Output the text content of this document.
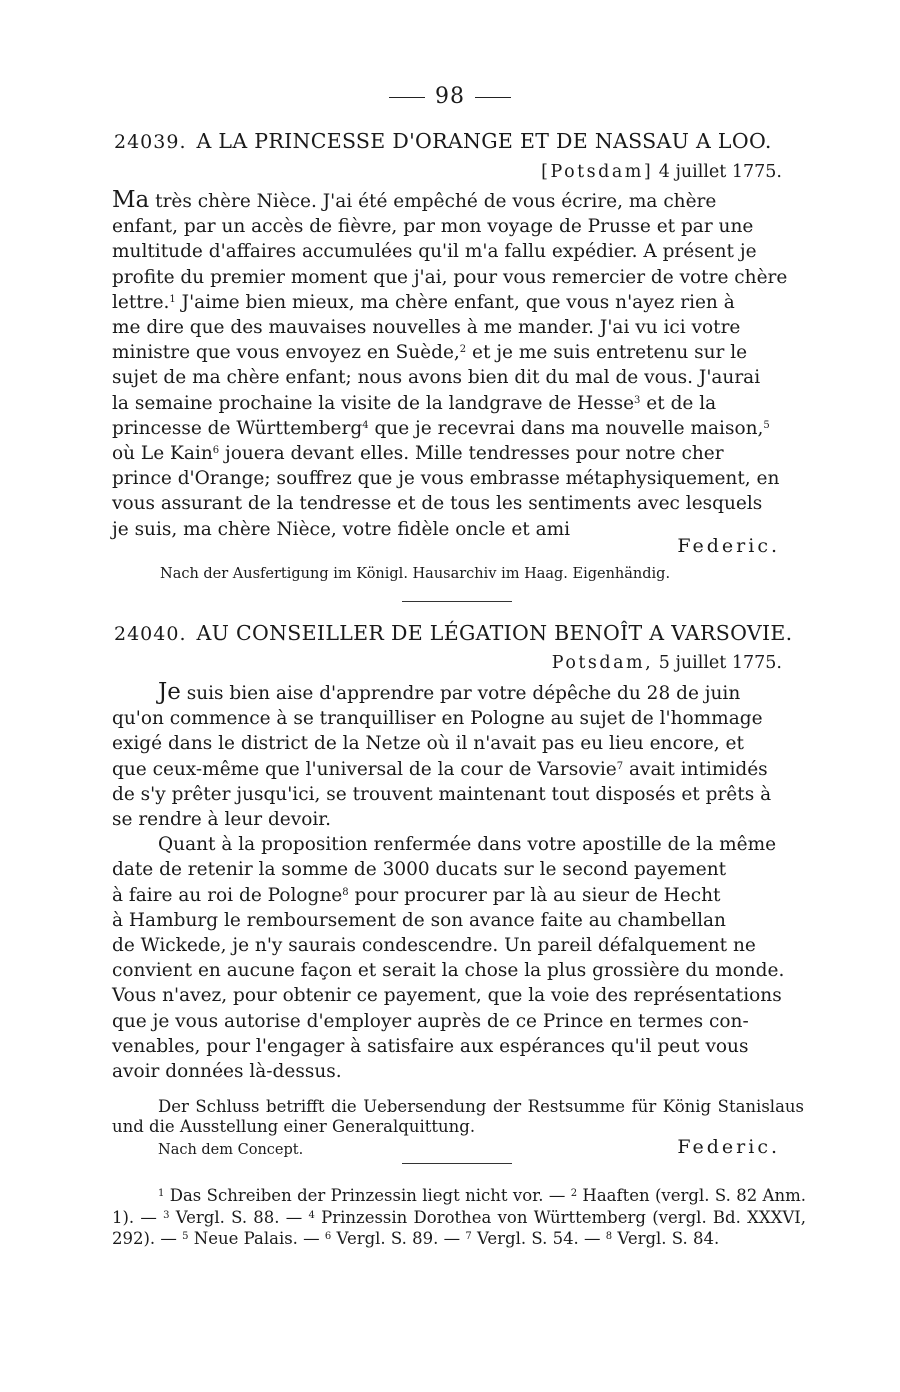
98
24039. A LA PRINCESSE D'ORANGE ET DE NASSAU A LOO.
[Potsdam] 4 juillet 1775.

Ma très chère Nièce. J'ai été empêché de vous écrire, ma chère

enfant, par un accès de fièvre, par mon voyage de Prusse et par une

multitude d'affaires accumulées qu'il m'a fallu expédier. A présent je

profite du premier moment que j'ai, pour vous remercier de votre chère

lettre.$^1$ J'aime bien mieux, ma chère enfant, que vous n'ayez rien à

me dire que des mauvaises nouvelles à me mander. J'ai vu ici votre

ministre que vous envoyez en Suède,$^2$ et je me suis entretenu sur le

sujet de ma chère enfant; nous avons bien dit du mal de vous. J'aurai

la semaine prochaine la visite de la landgrave de Hesse$^3$ et de la

princesse de Württemberg$^4$ que je recevrai dans ma nouvelle maison,$^5$

où Le Kain$^6$ jouera devant elles. Mille tendresses pour notre cher

prince d'Orange; souffrez que je vous embrasse métaphysiquement, en

vous assurant de la tendresse et de tous les sentiments avec lesquels

je suis, ma chère Nièce, votre fidèle oncle et ami

Federic.
Nach der Ausfertigung im Königl. Hausarchiv im Haag. Eigenhändig.
24040. AU CONSEILLER DE LÉGATION BENOÎT A VARSOVIE.
Potsdam, 5 juillet 1775.

Je suis bien aise d'apprendre par votre dépêche du 28 de juin

qu'on commence à se tranquilliser en Pologne au sujet de l'hommage

exigé dans le district de la Netze où il n'avait pas eu lieu encore, et

que ceux-même que l'universal de la cour de Varsovie$^7$ avait intimidés

de s'y prêter jusqu'ici, se trouvent maintenant tout disposés et prêts à

se rendre à leur devoir.

Quant à la proposition renfermée dans votre apostille de la même

date de retenir la somme de 3000 ducats sur le second payement

à faire au roi de Pologne$^8$ pour procurer par là au sieur de Hecht

à Hamburg le remboursement de son avance faite au chambellan

de Wickede, je n'y saurais condescendre. Un pareil défalquement ne

convient en aucune façon et serait la chose la plus grossière du monde.

Vous n'avez, pour obtenir ce payement, que la voie des représentations

que je vous autorise d'employer auprès de ce Prince en termes con-

venables, pour l'engager à satisfaire aux espérances qu'il peut vous

avoir données là-dessus.

Der Schluss betrifft die Uebersendung der Restsumme für König Stanislaus und die Ausstellung einer Generalquittung.

Nach dem Concept.	Federic.

$^1$ Das Schreiben der Prinzessin liegt nicht vor. — $^2$ Haaften (vergl. S. 82 Anm. 1). — $^3$ Vergl. S. 88. — $^4$ Prinzessin Dorothea von Württemberg (vergl. Bd. XXXVI, 292). — $^5$ Neue Palais. — $^6$ Vergl. S. 89. — $^7$ Vergl. S. 54. — $^8$ Vergl. S. 84.
